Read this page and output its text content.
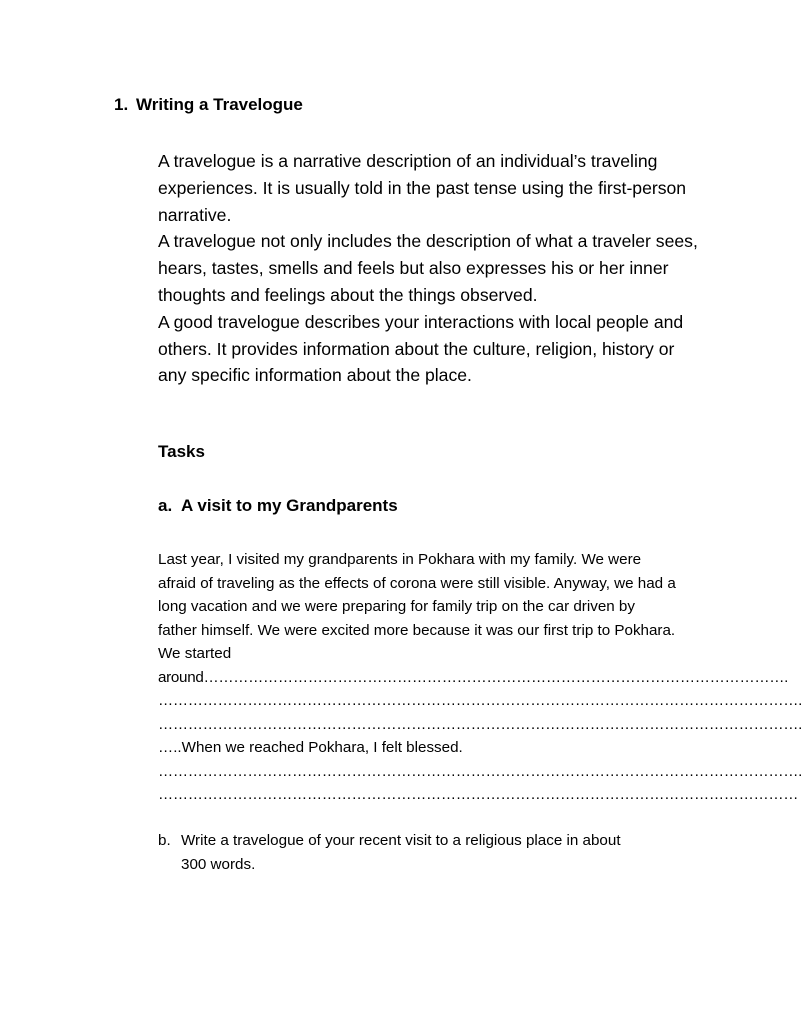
1. Writing a Travelogue

A travelogue is a narrative description of an individual’s traveling experiences. It is usually told in the past tense using the first-person narrative.

A travelogue not only includes the description of what a traveler sees, hears, tastes, smells and feels but also expresses his or her inner thoughts and feelings about the things observed.

A good travelogue describes your interactions with local people and others. It provides information about the culture, religion, history or any specific information about the place.

Tasks
a. A visit to my Grandparents

Last year, I visited my grandparents in Pokhara with my family. We were afraid of traveling as the effects of corona were still visible. Anyway, we had a long vacation and we were preparing for family trip on the car driven by father himself. We were excited more because it was our first trip to Pokhara.

We started

around……………………………………………………………………………………………………….

………………………………………………………………………………………………………………….

………………………………………………………………………………………………………………….

…..When we reached Pokhara, I felt blessed.

………………………………………………………………………………………………………………….

…………………………………………………………………………………………………………………

b. Write a travelogue of your recent visit to a religious place in about
300 words.
